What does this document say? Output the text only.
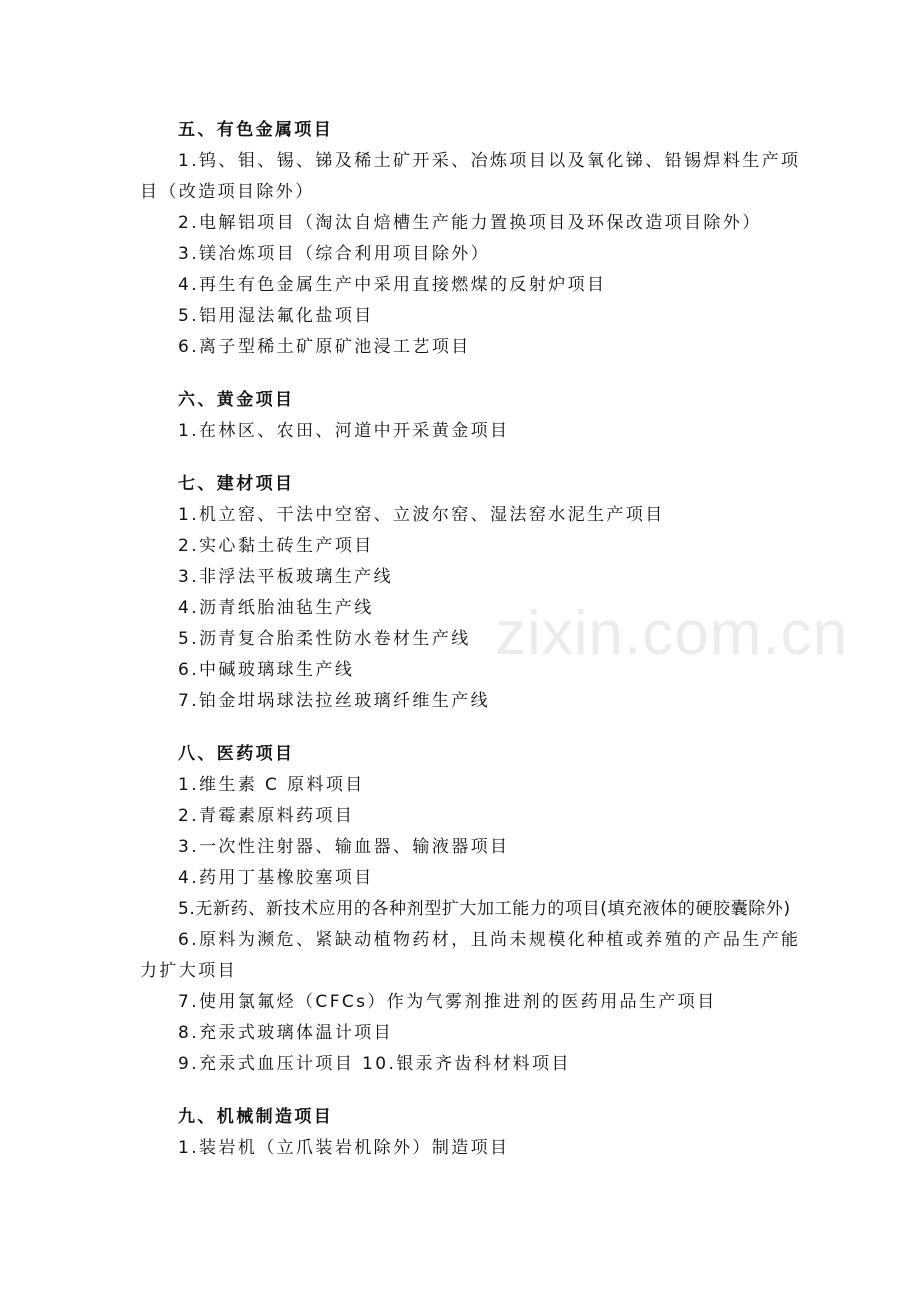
zixin.com.cn

五、有色金属项目

1.钨、钼、锡、锑及稀土矿开采、冶炼项目以及氧化锑、铅锡焊料生产项目（改造项目除外）

2.电解铝项目（淘汰自焙槽生产能力置换项目及环保改造项目除外）

3.镁冶炼项目（综合利用项目除外）

4.再生有色金属生产中采用直接燃煤的反射炉项目

5.铝用湿法氟化盐项目

6.离子型稀土矿原矿池浸工艺项目

六、黄金项目

1.在林区、农田、河道中开采黄金项目

七、建材项目

1.机立窑、干法中空窑、立波尔窑、湿法窑水泥生产项目

2.实心黏土砖生产项目

3.非浮法平板玻璃生产线

4.沥青纸胎油毡生产线

5.沥青复合胎柔性防水卷材生产线

6.中碱玻璃球生产线

7.铂金坩埚球法拉丝玻璃纤维生产线

八、医药项目

1.维生素 C 原料项目

2.青霉素原料药项目

3.一次性注射器、输血器、输液器项目

4.药用丁基橡胶塞项目

5.无新药、新技术应用的各种剂型扩大加工能力的项目(填充液体的硬胶囊除外)

6.原料为濒危、紧缺动植物药材，且尚未规模化种植或养殖的产品生产能力扩大项目

7.使用氯氟烃（CFCs）作为气雾剂推进剂的医药用品生产项目

8.充汞式玻璃体温计项目

9.充汞式血压计项目 10.银汞齐齿科材料项目

九、机械制造项目

1.装岩机（立爪装岩机除外）制造项目
